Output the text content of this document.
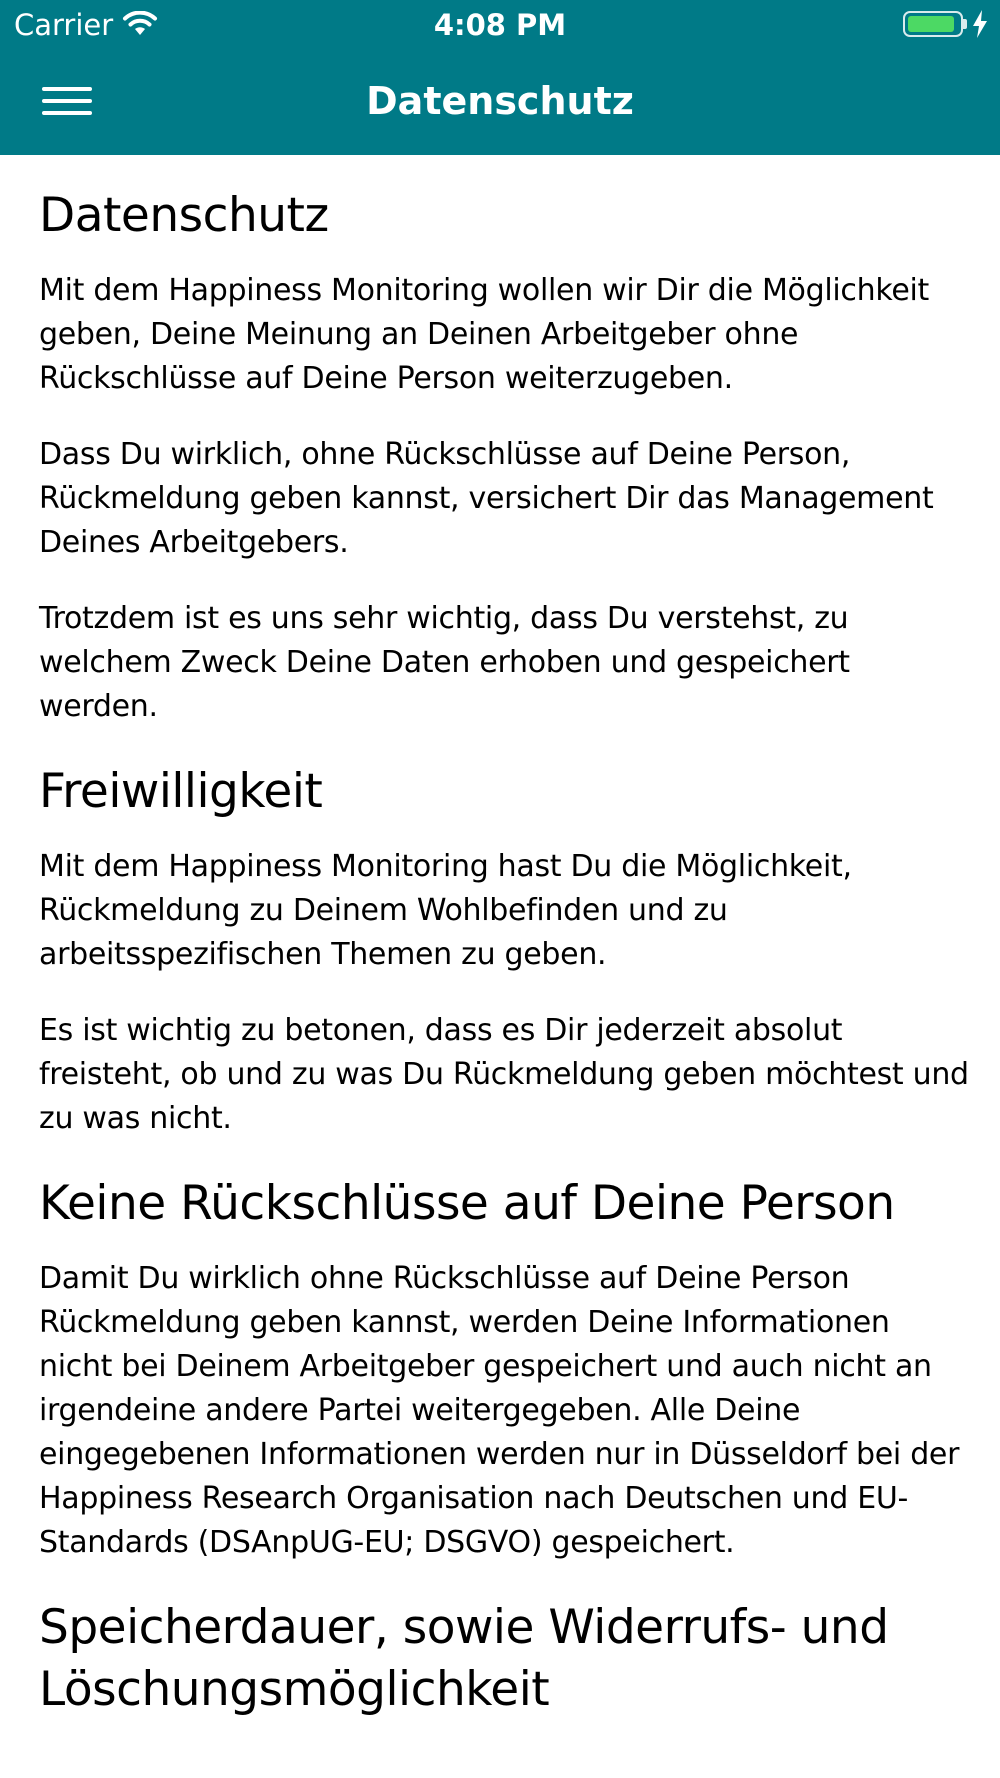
Carrier	4:08 PM
Datenschutz
Datenschutz

Mit dem Happiness Monitoring wollen wir Dir die Möglichkeit geben, Deine Meinung an Deinen Arbeitgeber ohne Rückschlüsse auf Deine Person weiterzugeben.

Dass Du wirklich, ohne Rückschlüsse auf Deine Person, Rückmeldung geben kannst, versichert Dir das Management Deines Arbeitgebers.

Trotzdem ist es uns sehr wichtig, dass Du verstehst, zu welchem Zweck Deine Daten erhoben und gespeichert werden.

Freiwilligkeit

Mit dem Happiness Monitoring hast Du die Möglichkeit, Rückmeldung zu Deinem Wohlbefinden und zu arbeitsspezifischen Themen zu geben.

Es ist wichtig zu betonen, dass es Dir jederzeit absolut freisteht, ob und zu was Du Rückmeldung geben möchtest und zu was nicht.

Keine Rückschlüsse auf Deine Person

Damit Du wirklich ohne Rückschlüsse auf Deine Person Rückmeldung geben kannst, werden Deine Informationen nicht bei Deinem Arbeitgeber gespeichert und auch nicht an irgendeine andere Partei weitergegeben. Alle Deine eingegebenen Informationen werden nur in Düsseldorf bei der Happiness Research Organisation nach Deutschen und EU-Standards (DSAnpUG-EU; DSGVO) gespeichert.

Speicherdauer, sowie Widerrufs- und Löschungsmöglichkeit
